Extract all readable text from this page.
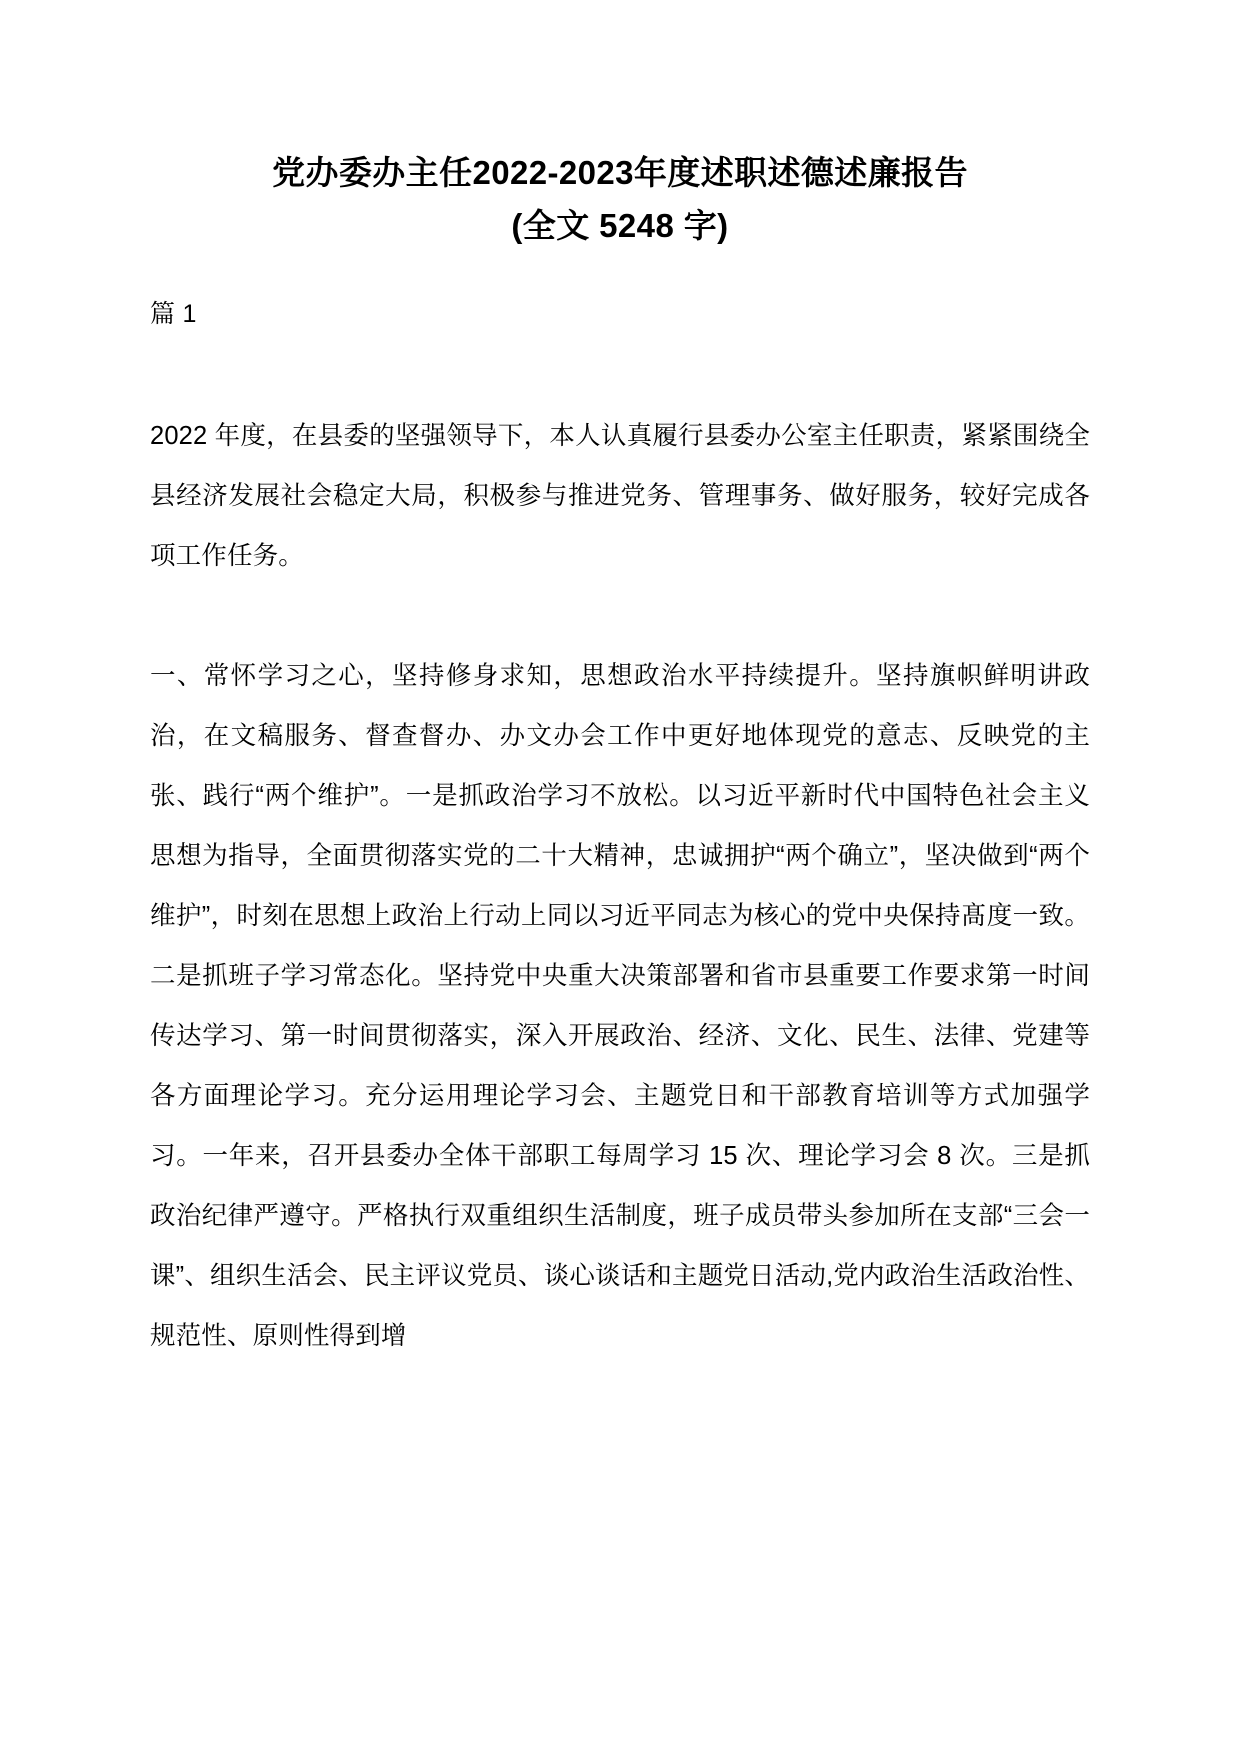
党办委办主任2022-2023年度述职述德述廉报告
(全文 5248 字)
篇 1

2022 年度，在县委的坚强领导下，本人认真履行县委办公室主任职责，紧紧围绕全县经济发展社会稳定大局，积极参与推进党务、管理事务、做好服务，较好完成各项工作任务。

一、常怀学习之心，坚持修身求知，思想政治水平持续提升。坚持旗帜鲜明讲政治，在文稿服务、督查督办、办文办会工作中更好地体现党的意志、反映党的主张、践行“两个维护”。一是抓政治学习不放松。以习近平新时代中国特色社会主义思想为指导，全面贯彻落实党的二十大精神，忠诚拥护“两个确立”，坚决做到“两个维护”，时刻在思想上政治上行动上同以习近平同志为核心的党中央保持髙度一致。二是抓班子学习常态化。坚持党中央重大决策部署和省市县重要工作要求第一时间传达学习、第一时间贯彻落实，深入开展政治、经济、文化、民生、法律、党建等各方面理论学习。充分运用理论学习会、主题党日和干部教育培训等方式加强学习。一年来，召开县委办全体干部职工每周学习 15 次、理论学习会 8 次。三是抓政治纪律严遵守。严格执行双重组织生活制度，班子成员带头参加所在支部“三会一课”、组织生活会、民主评议党员、谈心谈话和主题党日活动,党内政治生活政治性、规范性、原则性得到增
